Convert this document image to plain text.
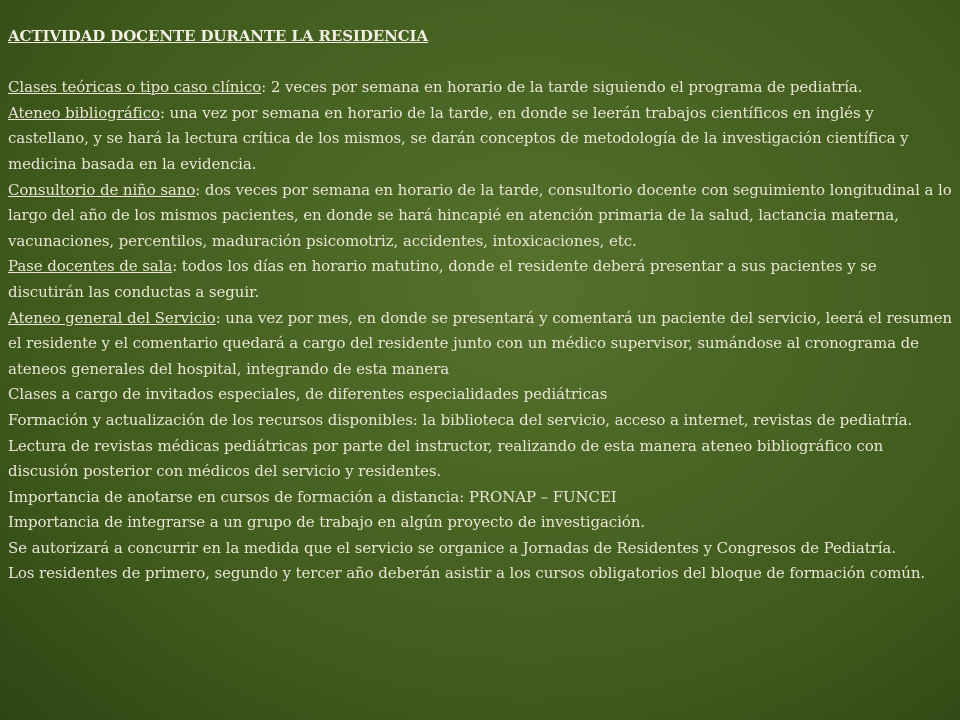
ACTIVIDAD DOCENTE DURANTE LA RESIDENCIA

Clases teóricas o tipo caso clínico: 2 veces por semana en horario de la tarde siguiendo el programa de pediatría.

Ateneo bibliográfico: una vez por semana en horario de la tarde, en donde se leerán trabajos científicos en inglés y castellano, y se hará la lectura crítica de los mismos, se darán conceptos de metodología de la investigación científica y medicina basada en la evidencia.

Consultorio de niño sano: dos veces por semana en horario de la tarde, consultorio docente con seguimiento longitudinal a lo largo del año de los mismos pacientes, en donde se hará hincapié en atención primaria de la salud, lactancia materna, vacunaciones, percentilos, maduración psicomotriz, accidentes, intoxicaciones, etc.

Pase docentes de sala: todos los días en horario matutino, donde el residente deberá presentar a sus pacientes y se discutirán las conductas a seguir.

Ateneo general del Servicio: una vez por mes, en donde se presentará y comentará un paciente del servicio, leerá el resumen el residente y el comentario quedará a cargo del residente junto con un médico supervisor, sumándose al cronograma de ateneos generales del hospital, integrando de esta manera

Clases a cargo de invitados especiales, de diferentes especialidades pediátricas

Formación y actualización de los recursos disponibles: la biblioteca del servicio, acceso a internet, revistas de pediatría.

Lectura de revistas médicas pediátricas por parte del instructor, realizando de esta manera ateneo bibliográfico con discusión posterior con médicos del servicio y residentes.

Importancia de anotarse en cursos de formación a distancia: PRONAP – FUNCEI

Importancia de integrarse a un grupo de trabajo en algún proyecto de investigación.

Se autorizará a concurrir en la medida que el servicio se organice a Jornadas de Residentes y Congresos de Pediatría.

Los residentes de primero, segundo y tercer año deberán asistir a los cursos obligatorios del bloque de formación común.
